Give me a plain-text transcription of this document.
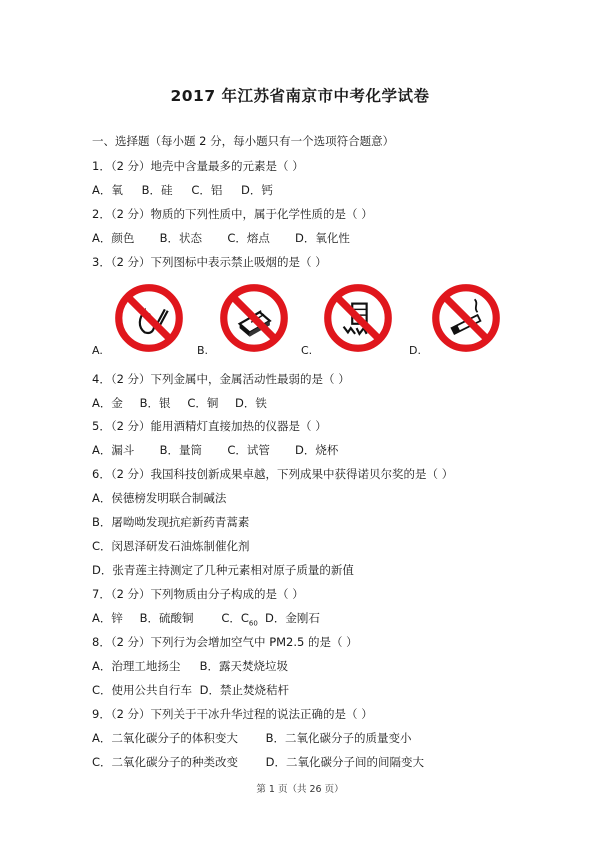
2017 年江苏省南京市中考化学试卷
一、选择题（每小题 2 分，每小题只有一个选项符合题意）
1．（2 分）地壳中含量最多的元素是（ ）
A．氧 B．硅 C．铝 D．钙
2．（2 分）物质的下列性质中，属于化学性质的是（ ）
A．颜色 B．状态 C．熔点 D．氧化性
3．（2 分）下列图标中表示禁止吸烟的是（ ）
A.	B.	C.	D.
4．（2 分）下列金属中，金属活动性最弱的是（ ）
A．金 B．银 C．铜 D．铁
5．（2 分）能用酒精灯直接加热的仪器是（ ）
A．漏斗 B．量筒 C．试管 D．烧杯
6．（2 分）我国科技创新成果卓越，下列成果中获得诺贝尔奖的是（ ）
A．侯德榜发明联合制碱法
B．屠呦呦发现抗疟新药青蒿素
C．闵恩泽研发石油炼制催化剂
D．张青莲主持测定了几种元素相对原子质量的新值
7．（2 分）下列物质由分子构成的是（ ）
A．锌 B．硫酸铜 C．$C_{60}$ D．金刚石
8．（2 分）下列行为会增加空气中 PM2.5 的是（ ）
A．治理工地扬尘 B．露天焚烧垃圾
C．使用公共自行车 D．禁止焚烧秸杆
9．（2 分）下列关于干冰升华过程的说法正确的是（ ）
A．二氧化碳分子的体积变大 B．二氧化碳分子的质量变小
C．二氧化碳分子的种类改变 D．二氧化碳分子间的间隔变大
第 1 页（共 26 页）
